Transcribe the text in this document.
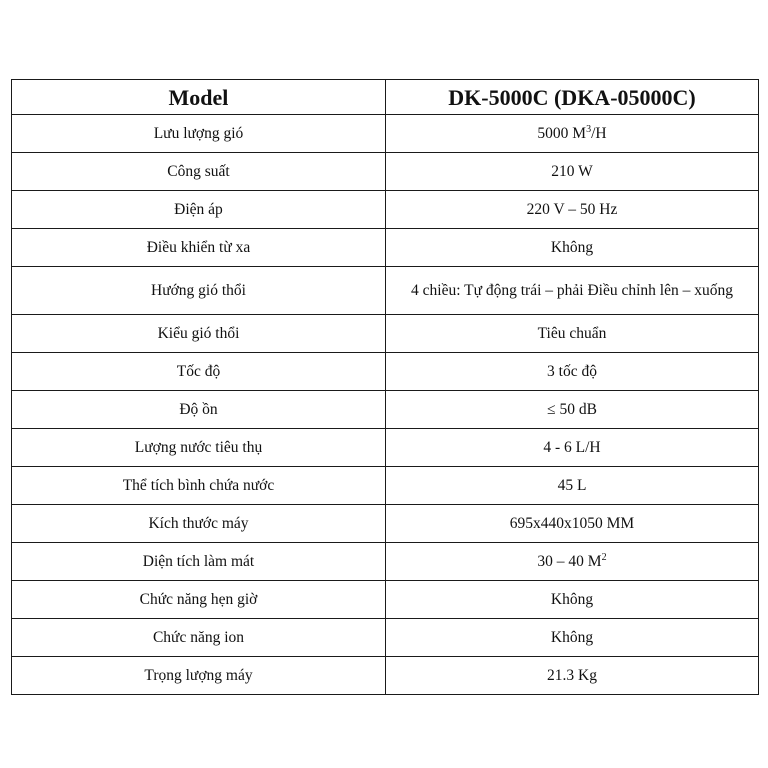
Model	DK-5000C (DKA-05000C)
Lưu lượng gió	5000 $M^3/H$
Công suất	210 W
Điện áp	220 V – 50 Hz
Điều khiển từ xa	Không
Hướng gió thổi	4 chiều: Tự động trái – phải Điều chỉnh lên – xuống
Kiểu gió thổi	Tiêu chuẩn
Tốc độ	3 tốc độ
Độ ồn	≤ 50 dB
Lượng nước tiêu thụ	4 - 6 L/H
Thể tích bình chứa nước	45 L
Kích thước máy	695x440x1050 MM
Diện tích làm mát	30 – 40 $M^2$
Chức năng hẹn giờ	Không
Chức năng ion	Không
Trọng lượng máy	21.3 Kg
